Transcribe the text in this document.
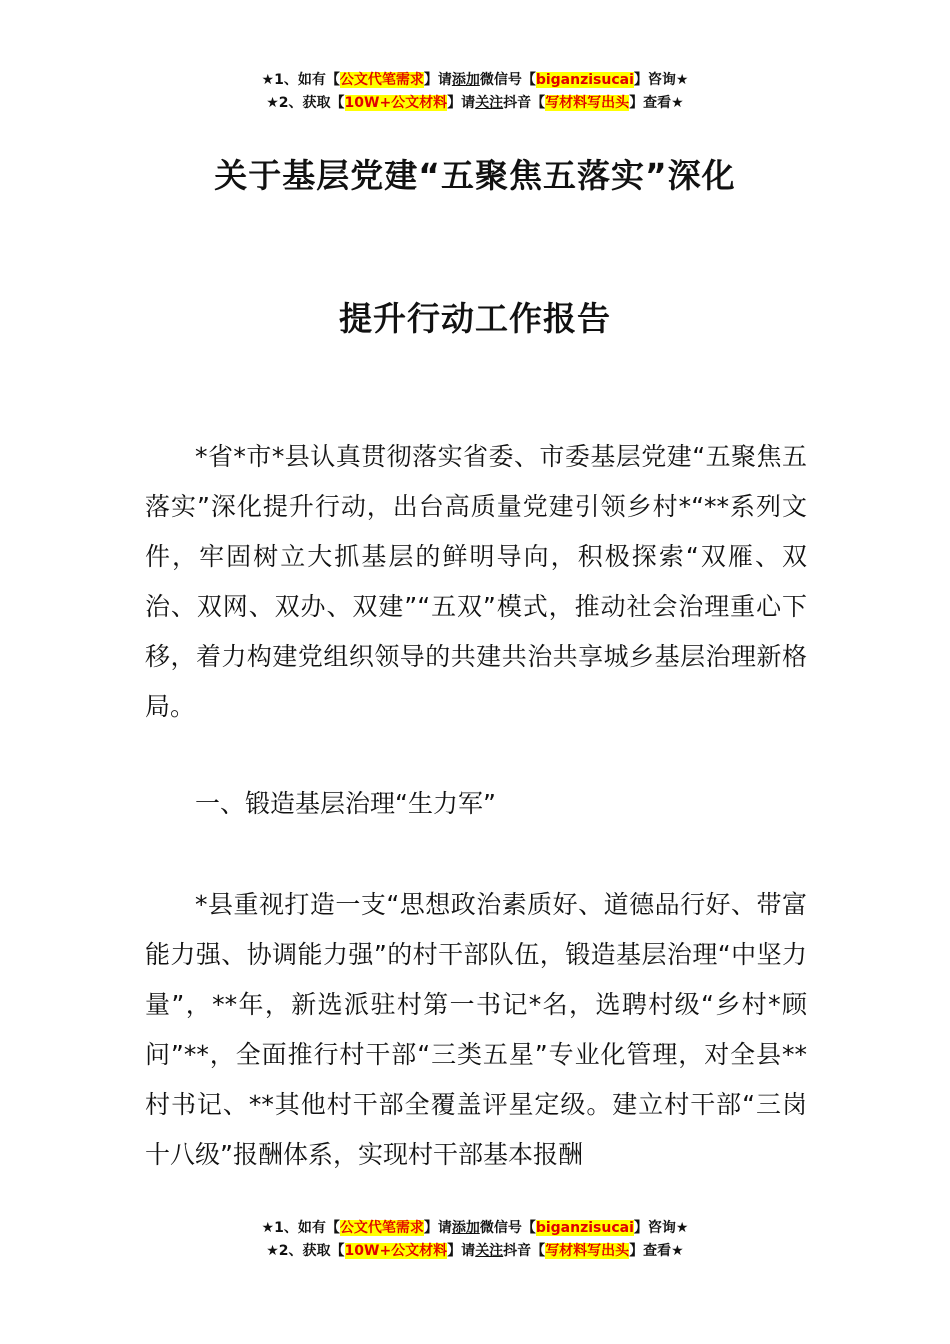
★1、如有【公文代笔需求】请添加微信号【biganzisucai】咨询★
★2、获取【10W+公文材料】请关注抖音【写材料写出头】查看★
关于基层党建“五聚焦五落实”深化
提升行动工作报告

*省*市*县认真贯彻落实省委、市委基层党建“五聚焦五落实”深化提升行动，出台高质量党建引领乡村*“**系列文件，牢固树立大抓基层的鲜明导向，积极探索“双雁、双治、双网、双办、双建”“五双”模式，推动社会治理重心下移，着力构建党组织领导的共建共治共享城乡基层治理新格局。

一、锻造基层治理“生力军”

*县重视打造一支“思想政治素质好、道德品行好、带富能力强、协调能力强”的村干部队伍，锻造基层治理“中坚力量”，**年，新选派驻村第一书记*名，选聘村级“乡村*顾问”**，全面推行村干部“三类五星”专业化管理，对全县**村书记、**其他村干部全覆盖评星定级。建立村干部“三岗十八级”报酬体系，实现村干部基本报酬

★1、如有【公文代笔需求】请添加微信号【biganzisucai】咨询★
★2、获取【10W+公文材料】请关注抖音【写材料写出头】查看★
